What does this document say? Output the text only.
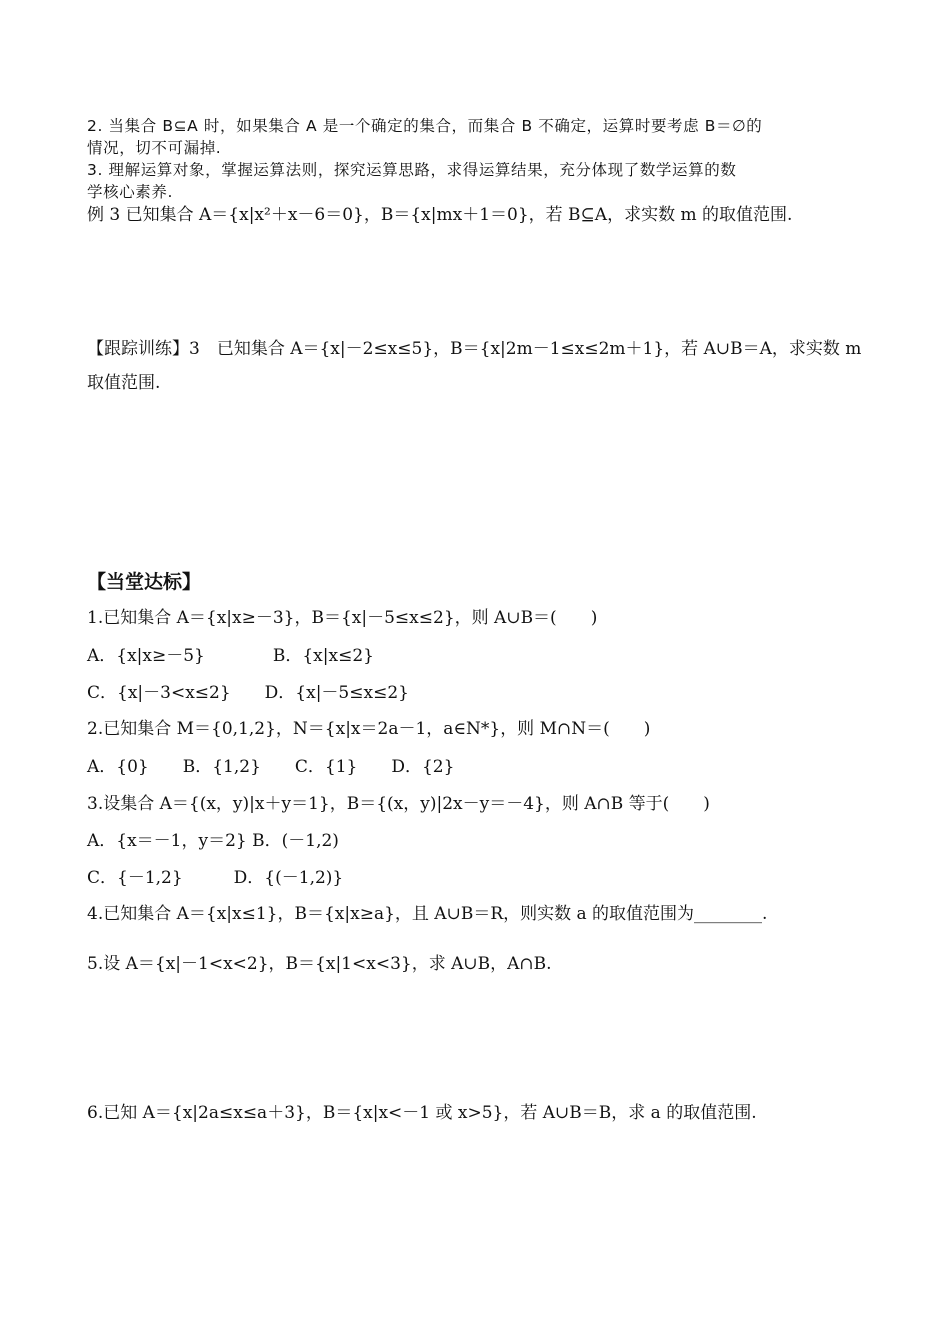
2. 当集合 B⊆A 时，如果集合 A 是一个确定的集合，而集合 B 不确定，运算时要考虑 B＝∅的
情况，切不可漏掉.
3. 理解运算对象，掌握运算法则，探究运算思路，求得运算结果，充分体现了数学运算的数
学核心素养.
例 3 已知集合 A＝{x|x²＋x－6＝0}，B＝{x|mx＋1＝0}，若 B⊆A，求实数 m 的取值范围.
【跟踪训练】3　已知集合 A＝{x|－2≤x≤5}，B＝{x|2m－1≤x≤2m＋1}，若 A∪B＝A，求实数 m
取值范围.
【当堂达标】
1.已知集合 A＝{x|x≥－3}，B＝{x|－5≤x≤2}，则 A∪B＝(　　)
A．{x|x≥－5}　　　　B．{x|x≤2}
C．{x|－3<x≤2}　　D．{x|－5≤x≤2}
2.已知集合 M＝{0,1,2}，N＝{x|x＝2a－1，a∈N*}，则 M∩N＝(　　)
A．{0}　　B．{1,2}　　C．{1}　　D．{2}
3.设集合 A＝{(x，y)|x＋y＝1}，B＝{(x，y)|2x－y＝－4}，则 A∩B 等于(　　)
A．{x＝－1，y＝2} B．(－1,2)
C．{－1,2}　　　D．{(－1,2)}
4.已知集合 A＝{x|x≤1}，B＝{x|x≥a}，且 A∪B＝R，则实数 a 的取值范围为________.
5.设 A＝{x|－1<x<2}，B＝{x|1<x<3}，求 A∪B，A∩B.
6.已知 A＝{x|2a≤x≤a＋3}，B＝{x|x<－1 或 x>5}，若 A∪B＝B，求 a 的取值范围.
